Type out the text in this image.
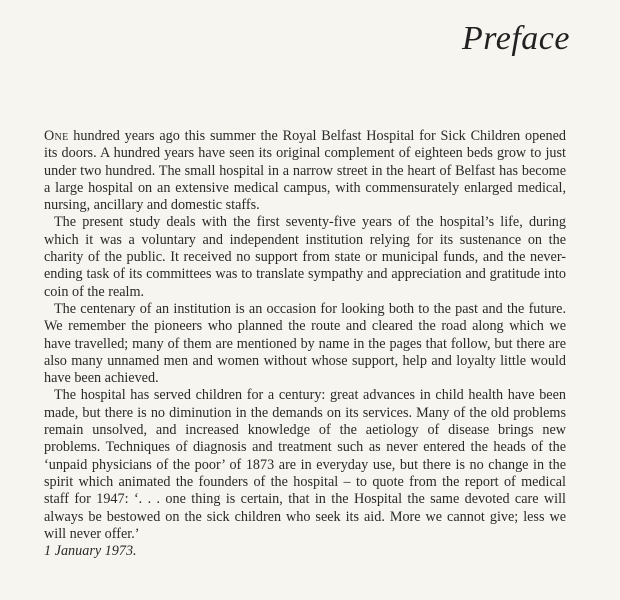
Preface

One hundred years ago this summer the Royal Belfast Hospital for Sick Children opened its doors. A hundred years have seen its original complement of eighteen beds grow to just under two hundred. The small hospital in a narrow street in the heart of Belfast has become a large hospital on an extensive medical campus, with commensurately enlarged medical, nursing, ancillary and domestic staffs.

The present study deals with the first seventy-five years of the hospital’s life, during which it was a voluntary and independent institution relying for its sustenance on the charity of the public. It received no support from state or municipal funds, and the never-ending task of its committees was to translate sympathy and appreciation and gratitude into coin of the realm.

The centenary of an institution is an occasion for looking both to the past and the future. We remember the pioneers who planned the route and cleared the road along which we have travelled; many of them are mentioned by name in the pages that follow, but there are also many unnamed men and women without whose support, help and loyalty little would have been achieved.

The hospital has served children for a century: great advances in child health have been made, but there is no diminution in the demands on its services. Many of the old problems remain unsolved, and increased knowledge of the aetiology of disease brings new problems. Techniques of diagnosis and treatment such as never entered the heads of the ‘unpaid physicians of the poor’ of 1873 are in everyday use, but there is no change in the spirit which animated the founders of the hospital – to quote from the report of medical staff for 1947: ‘. . . one thing is certain, that in the Hospital the same devoted care will always be bestowed on the sick children who seek its aid. More we cannot give; less we will never offer.’

1 January 1973.
